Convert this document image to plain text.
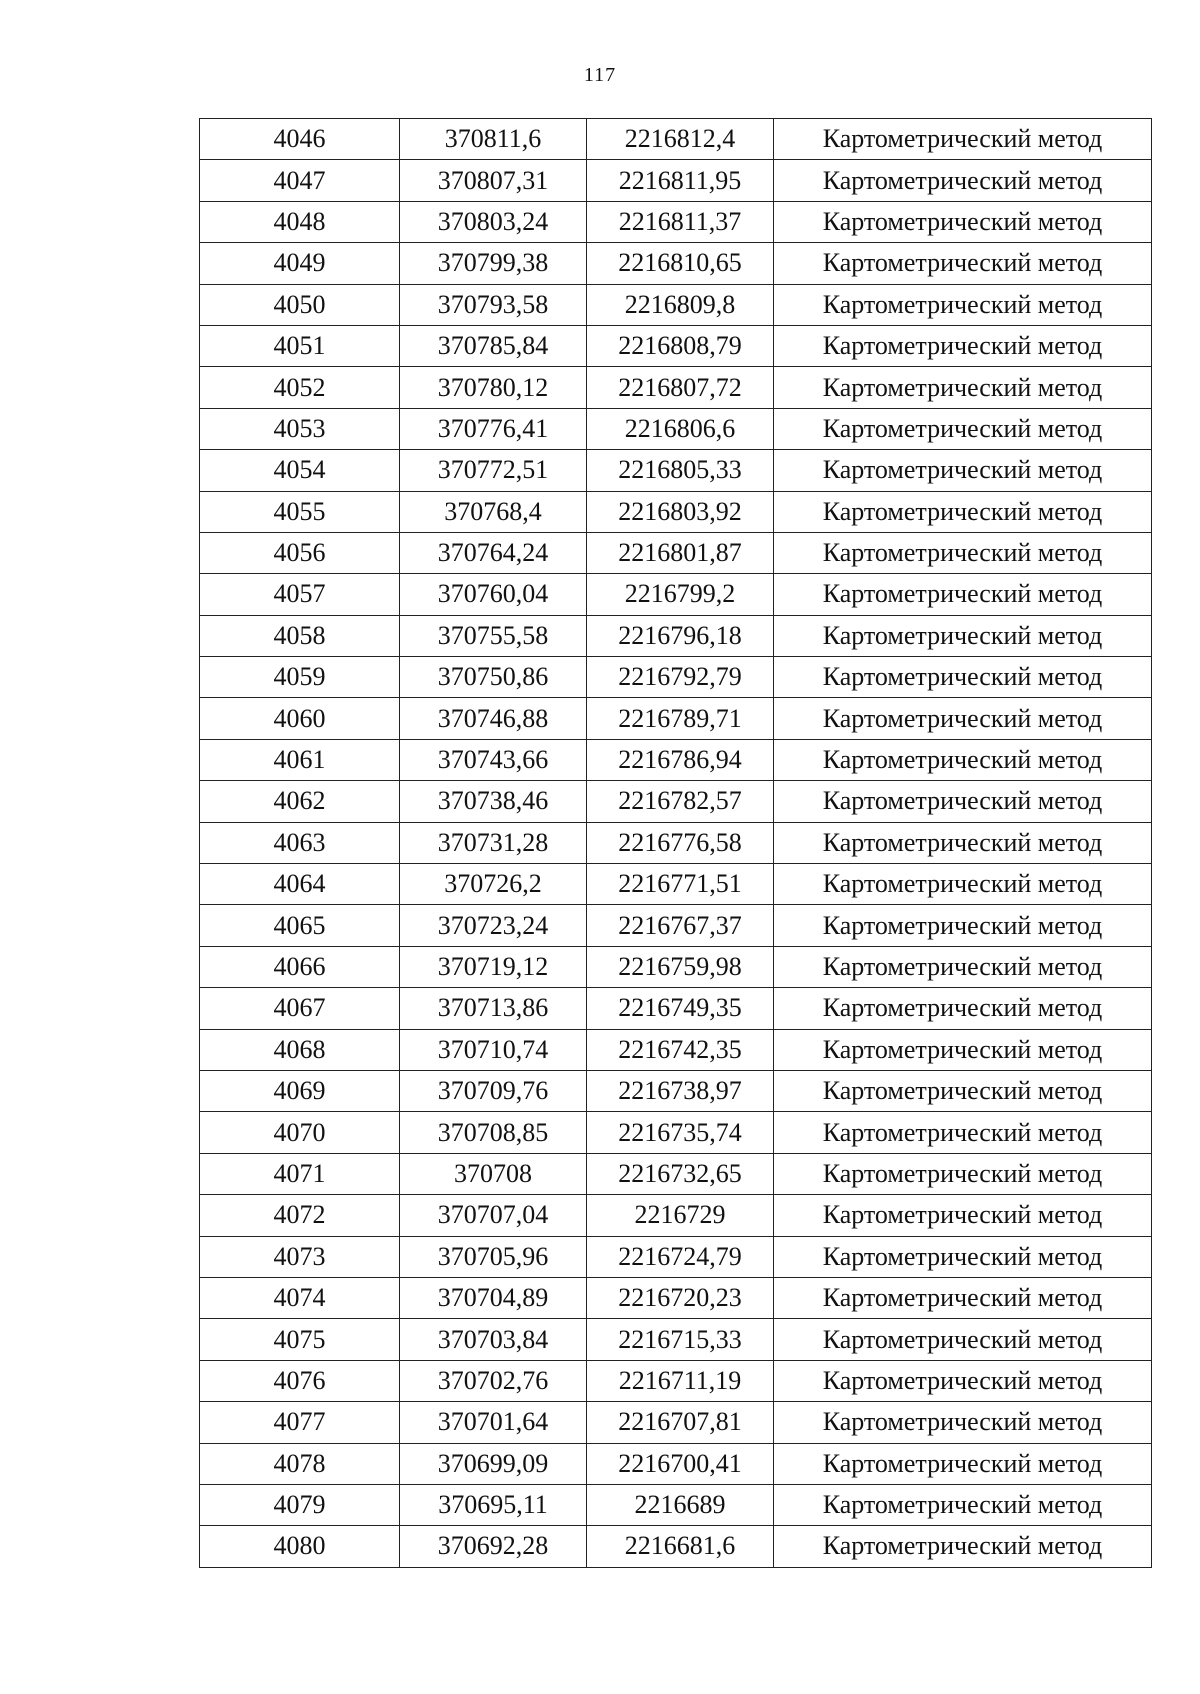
117
4046	370811,6	2216812,4	Картометрический метод
4047	370807,31	2216811,95	Картометрический метод
4048	370803,24	2216811,37	Картометрический метод
4049	370799,38	2216810,65	Картометрический метод
4050	370793,58	2216809,8	Картометрический метод
4051	370785,84	2216808,79	Картометрический метод
4052	370780,12	2216807,72	Картометрический метод
4053	370776,41	2216806,6	Картометрический метод
4054	370772,51	2216805,33	Картометрический метод
4055	370768,4	2216803,92	Картометрический метод
4056	370764,24	2216801,87	Картометрический метод
4057	370760,04	2216799,2	Картометрический метод
4058	370755,58	2216796,18	Картометрический метод
4059	370750,86	2216792,79	Картометрический метод
4060	370746,88	2216789,71	Картометрический метод
4061	370743,66	2216786,94	Картометрический метод
4062	370738,46	2216782,57	Картометрический метод
4063	370731,28	2216776,58	Картометрический метод
4064	370726,2	2216771,51	Картометрический метод
4065	370723,24	2216767,37	Картометрический метод
4066	370719,12	2216759,98	Картометрический метод
4067	370713,86	2216749,35	Картометрический метод
4068	370710,74	2216742,35	Картометрический метод
4069	370709,76	2216738,97	Картометрический метод
4070	370708,85	2216735,74	Картометрический метод
4071	370708	2216732,65	Картометрический метод
4072	370707,04	2216729	Картометрический метод
4073	370705,96	2216724,79	Картометрический метод
4074	370704,89	2216720,23	Картометрический метод
4075	370703,84	2216715,33	Картометрический метод
4076	370702,76	2216711,19	Картометрический метод
4077	370701,64	2216707,81	Картометрический метод
4078	370699,09	2216700,41	Картометрический метод
4079	370695,11	2216689	Картометрический метод
4080	370692,28	2216681,6	Картометрический метод
